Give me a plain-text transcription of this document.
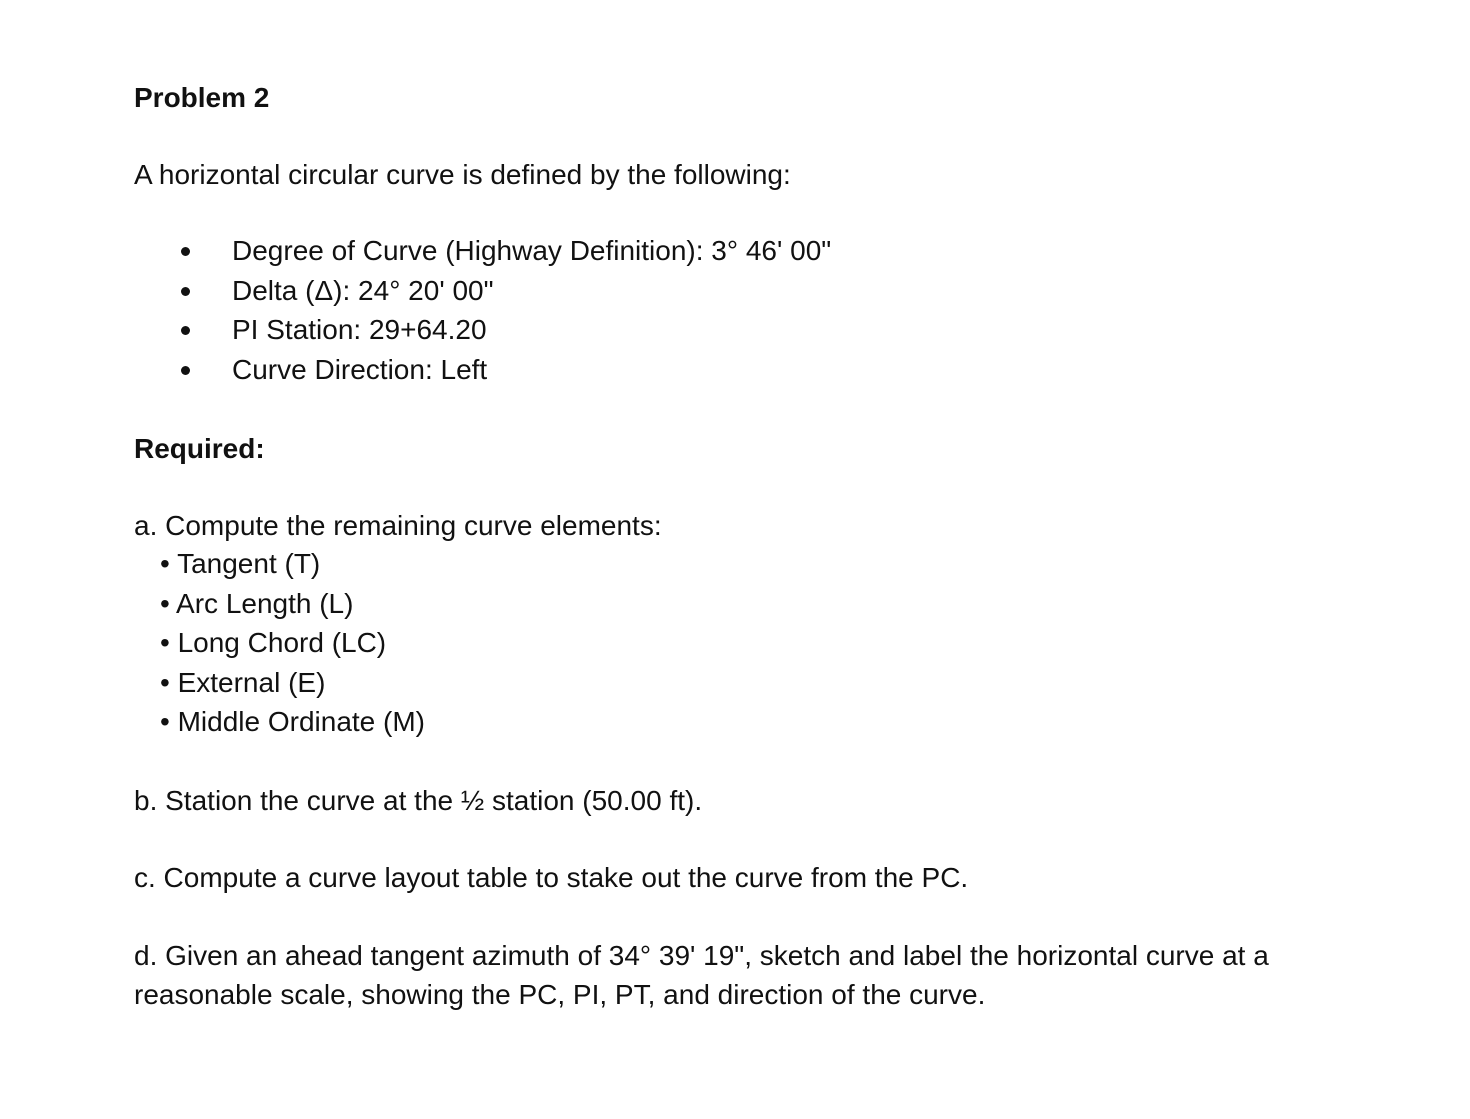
Problem 2
A horizontal circular curve is defined by the following:
Degree of Curve (Highway Definition): 3° 46' 00"
Delta (Δ): 24° 20' 00"
PI Station: 29+64.20
Curve Direction: Left
Required:
a. Compute the remaining curve elements:
• Tangent (T)
• Arc Length (L)
• Long Chord (LC)
• External (E)
• Middle Ordinate (M)
b. Station the curve at the ½ station (50.00 ft).
c. Compute a curve layout table to stake out the curve from the PC.
d. Given an ahead tangent azimuth of 34° 39' 19", sketch and label the horizontal curve at a
reasonable scale, showing the PC, PI, PT, and direction of the curve.
